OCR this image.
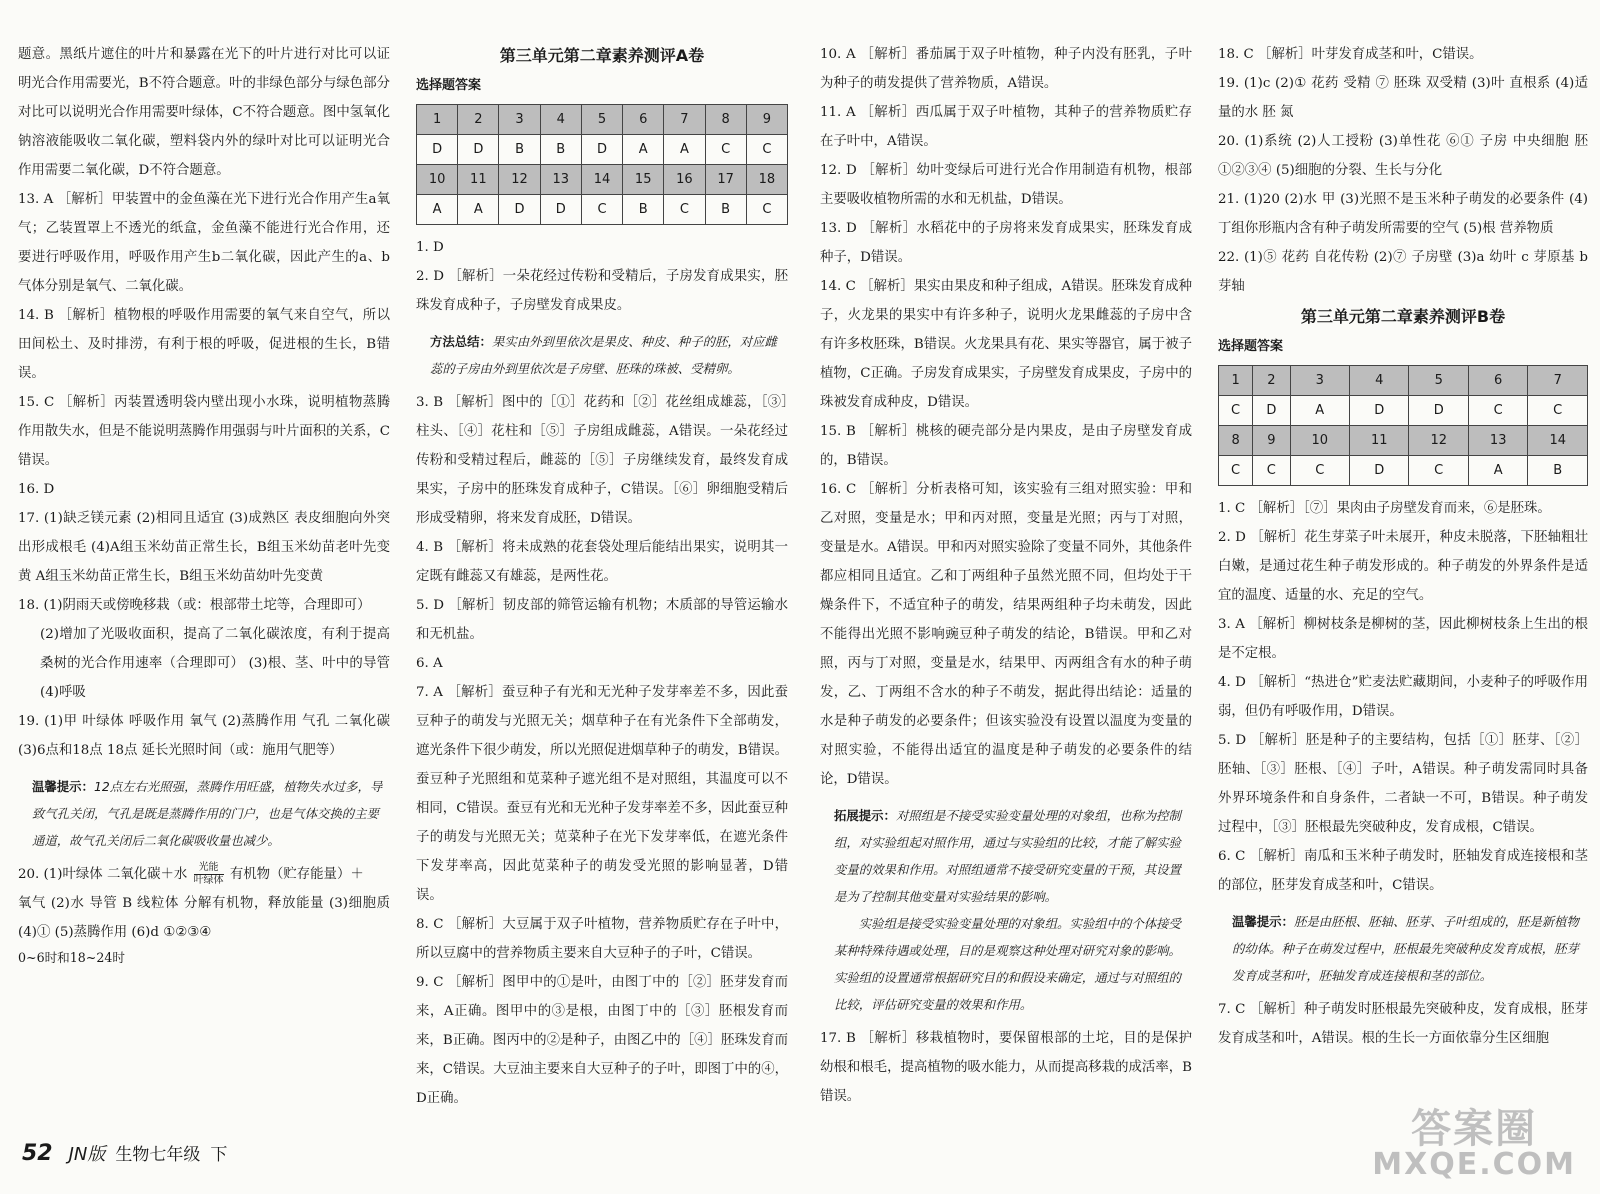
题意。黑纸片遮住的叶片和暴露在光下的叶片进行对比可以证明光合作用需要光，B不符合题意。叶的非绿色部分与绿色部分对比可以说明光合作用需要叶绿体，C不符合题意。图中氢氧化钠溶液能吸收二氧化碳，塑料袋内外的绿叶对比可以证明光合作用需要二氧化碳，D不符合题意。

13. A ［解析］甲装置中的金鱼藻在光下进行光合作用产生a氧气；乙装置罩上不透光的纸盒，金鱼藻不能进行光合作用，还要进行呼吸作用，呼吸作用产生b二氧化碳，因此产生的a、b气体分别是氧气、二氧化碳。

14. B ［解析］植物根的呼吸作用需要的氧气来自空气，所以田间松土、及时排涝，有利于根的呼吸，促进根的生长，B错误。

15. C ［解析］丙装置透明袋内壁出现小水珠，说明植物蒸腾作用散失水，但是不能说明蒸腾作用强弱与叶片面积的关系，C错误。

16. D

17. (1)缺乏镁元素 (2)相同且适宜 (3)成熟区 表皮细胞向外突出形成根毛 (4)A组玉米幼苗正常生长，B组玉米幼苗老叶先变黄 A组玉米幼苗正常生长，B组玉米幼苗幼叶先变黄

18. (1)阴雨天或傍晚移栽（或：根部带土坨等，合理即可）

(2)增加了光吸收面积，提高了二氧化碳浓度，有利于提高桑树的光合作用速率（合理即可） (3)根、茎、叶中的导管 (4)呼吸

19. (1)甲 叶绿体 呼吸作用 氧气 (2)蒸腾作用 气孔 二氧化碳 (3)6点和18点 18点 延长光照时间（或：施用气肥等）

温馨提示：12点左右光照强，蒸腾作用旺盛，植物失水过多，导致气孔关闭，气孔是既是蒸腾作用的门户，也是气体交换的主要通道，故气孔关闭后二氧化碳吸收量也减少。

20. (1)叶绿体 二氧化碳＋水 $\frac{\text{光能}}{\text{叶绿体}}$ 有机物（贮存能量）＋

氧气 (2)水 导管 B 线粒体 分解有机物，释放能量 (3)细胞质 (4)① (5)蒸腾作用 (6)d ①②③④

0~6时和18~24时

第三单元第二章素养测评A卷
选择题答案
1	2	3	4	5	6	7	8	9
D	D	B	B	D	A	A	C	C
10	11	12	13	14	15	16	17	18
A	A	D	D	C	B	C	B	C

1. D

2. D ［解析］一朵花经过传粉和受精后，子房发育成果实，胚珠发育成种子，子房壁发育成果皮。

方法总结：果实由外到里依次是果皮、种皮、种子的胚，对应雌蕊的子房由外到里依次是子房壁、胚珠的珠被、受精卵。

3. B ［解析］图中的［①］花药和［②］花丝组成雄蕊，［③］柱头、［④］花柱和［⑤］子房组成雌蕊，A错误。一朵花经过传粉和受精过程后，雌蕊的［⑤］子房继续发育，最终发育成果实，子房中的胚珠发育成种子，C错误。［⑥］卵细胞受精后形成受精卵，将来发育成胚，D错误。

4. B ［解析］将未成熟的花套袋处理后能结出果实，说明其一定既有雌蕊又有雄蕊，是两性花。

5. D ［解析］韧皮部的筛管运输有机物；木质部的导管运输水和无机盐。

6. A

7. A ［解析］蚕豆种子有光和无光种子发芽率差不多，因此蚕豆种子的萌发与光照无关；烟草种子在有光条件下全部萌发，遮光条件下很少萌发，所以光照促进烟草种子的萌发，B错误。蚕豆种子光照组和苋菜种子遮光组不是对照组，其温度可以不相同，C错误。蚕豆有光和无光种子发芽率差不多，因此蚕豆种子的萌发与光照无关；苋菜种子在光下发芽率低，在遮光条件下发芽率高，因此苋菜种子的萌发受光照的影响显著，D错误。

8. C ［解析］大豆属于双子叶植物，营养物质贮存在子叶中，所以豆腐中的营养物质主要来自大豆种子的子叶，C错误。

9. C ［解析］图甲中的①是叶，由图丁中的［②］胚芽发育而来，A正确。图甲中的③是根，由图丁中的［③］胚根发育而来，B正确。图丙中的②是种子，由图乙中的［④］胚珠发育而来，C错误。大豆油主要来自大豆种子的子叶，即图丁中的④，D正确。

10. A ［解析］番茄属于双子叶植物，种子内没有胚乳，子叶为种子的萌发提供了营养物质，A错误。

11. A ［解析］西瓜属于双子叶植物，其种子的营养物质贮存在子叶中，A错误。

12. D ［解析］幼叶变绿后可进行光合作用制造有机物，根部主要吸收植物所需的水和无机盐，D错误。

13. D ［解析］水稻花中的子房将来发育成果实，胚珠发育成种子，D错误。

14. C ［解析］果实由果皮和种子组成，A错误。胚珠发育成种子，火龙果的果实中有许多种子，说明火龙果雌蕊的子房中含有许多枚胚珠，B错误。火龙果具有花、果实等器官，属于被子植物，C正确。子房发育成果实，子房壁发育成果皮，子房中的珠被发育成种皮，D错误。

15. B ［解析］桃核的硬壳部分是内果皮，是由子房壁发育成的，B错误。

16. C ［解析］分析表格可知，该实验有三组对照实验：甲和乙对照，变量是水；甲和丙对照，变量是光照；丙与丁对照，变量是水。A错误。甲和丙对照实验除了变量不同外，其他条件都应相同且适宜。乙和丁两组种子虽然光照不同，但均处于干燥条件下，不适宜种子的萌发，结果两组种子均未萌发，因此不能得出光照不影响豌豆种子萌发的结论，B错误。甲和乙对照，丙与丁对照，变量是水，结果甲、丙两组含有水的种子萌发，乙、丁两组不含水的种子不萌发，据此得出结论：适量的水是种子萌发的必要条件；但该实验没有设置以温度为变量的对照实验，不能得出适宜的温度是种子萌发的必要条件的结论，D错误。

拓展提示：对照组是不接受实验变量处理的对象组，也称为控制组，对实验组起对照作用，通过与实验组的比较，才能了解实验变量的效果和作用。对照组通常不接受研究变量的干预，其设置是为了控制其他变量对实验结果的影响。
实验组是接受实验变量处理的对象组。实验组中的个体接受某种特殊待遇或处理，目的是观察这种处理对研究对象的影响。实验组的设置通常根据研究目的和假设来确定，通过与对照组的比较，评估研究变量的效果和作用。

17. B ［解析］移栽植物时，要保留根部的土坨，目的是保护幼根和根毛，提高植物的吸水能力，从而提高移栽的成活率，B错误。

18. C ［解析］叶芽发育成茎和叶，C错误。

19. (1)c (2)① 花药 受精 ⑦ 胚珠 双受精 (3)叶 直根系 (4)适量的水 胚 氮

20. (1)系统 (2)人工授粉 (3)单性花 ⑥① 子房 中央细胞 胚 ①②③④ (5)细胞的分裂、生长与分化

21. (1)20 (2)水 甲 (3)光照不是玉米种子萌发的必要条件 (4)丁组你形瓶内含有种子萌发所需要的空气 (5)根 营养物质

22. (1)⑤ 花药 自花传粉 (2)⑦ 子房壁 (3)a 幼叶 c 芽原基 b 芽轴

第三单元第二章素养测评B卷
选择题答案
1	2	3	4	5	6	7
C	D	A	D	D	C	C
8	9	10	11	12	13	14
C	C	C	D	C	A	B

1. C ［解析］［⑦］果肉由子房壁发育而来，⑥是胚珠。

2. D ［解析］花生芽菜子叶未展开，种皮未脱落，下胚轴粗壮白嫩，是通过花生种子萌发形成的。种子萌发的外界条件是适宜的温度、适量的水、充足的空气。

3. A ［解析］柳树枝条是柳树的茎，因此柳树枝条上生出的根是不定根。

4. D ［解析］“热进仓”贮麦法贮藏期间，小麦种子的呼吸作用弱，但仍有呼吸作用，D错误。

5. D ［解析］胚是种子的主要结构，包括［①］胚芽、［②］胚轴、［③］胚根、［④］子叶，A错误。种子萌发需同时具备外界环境条件和自身条件，二者缺一不可，B错误。种子萌发过程中，［③］胚根最先突破种皮，发育成根，C错误。

6. C ［解析］南瓜和玉米种子萌发时，胚轴发育成连接根和茎的部位，胚芽发育成茎和叶，C错误。

温馨提示：胚是由胚根、胚轴、胚芽、子叶组成的，胚是新植物的幼体。种子在萌发过程中，胚根最先突破种皮发育成根，胚芽发育成茎和叶，胚轴发育成连接根和茎的部位。

7. C ［解析］种子萌发时胚根最先突破种皮，发育成根，胚芽发育成茎和叶，A错误。根的生长一方面依靠分生区细胞

52 JN版 生物七年级 下
答案圈
MXQE.COM
